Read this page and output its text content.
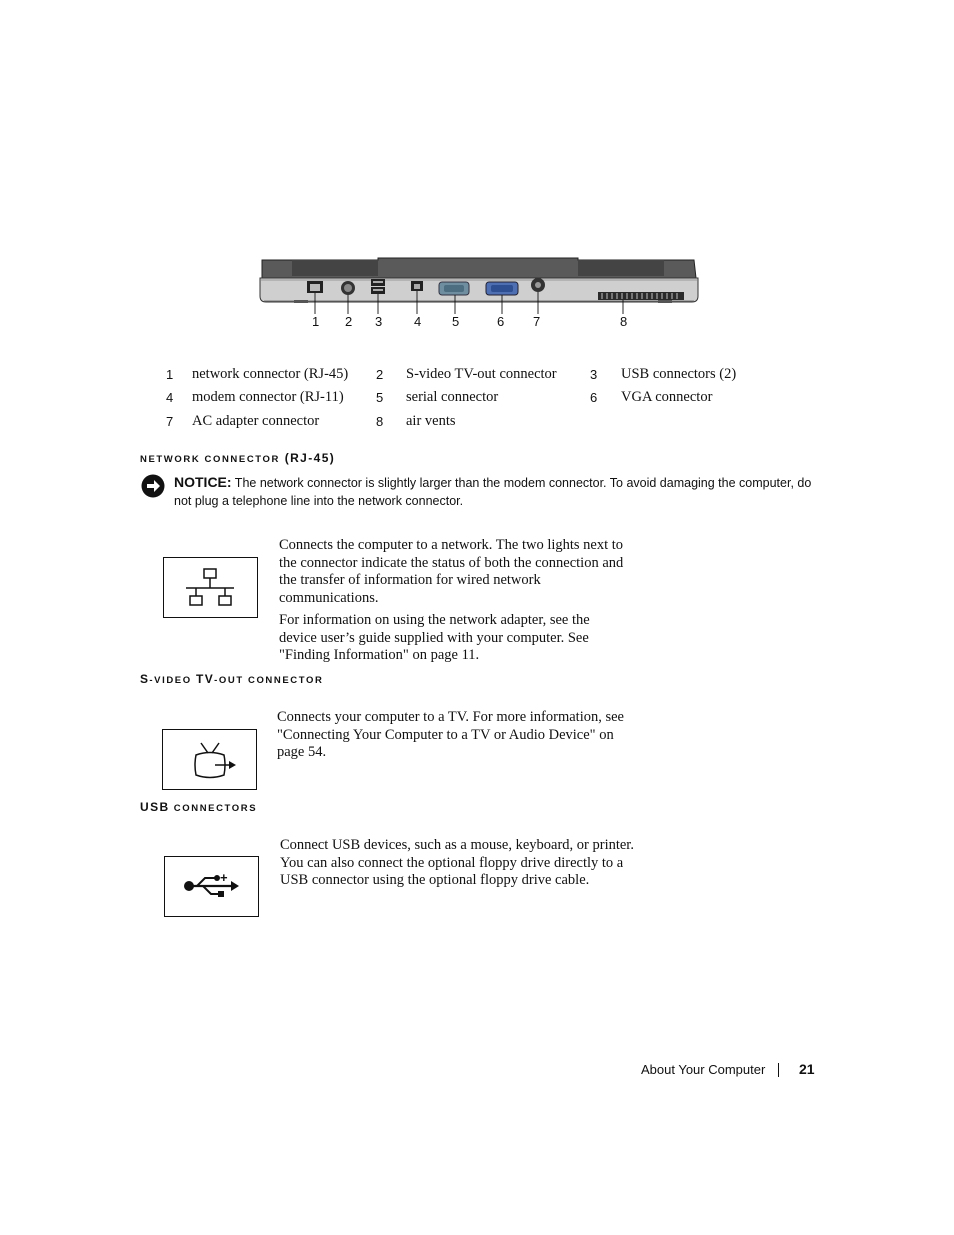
1 2 3 4 5	6 7	8
1 network connector (RJ-45) 2 S-video TV-out connector	3 USB connectors (2)
4 modem connector (RJ-11) 5 serial connector	6 VGA connector
7 AC adapter connector	8 air vents
NETWORK CONNECTOR (RJ-45)
NOTICE: The network connector is slightly larger than the modem connector. To avoid damaging the computer, do not plug a telephone line into the network connector.
Connects the computer to a network. The two lights next to the connector indicate the status of both the connection and the transfer of information for wired network communications.
For information on using the network adapter, see the device user’s guide supplied with your computer. See "Finding Information" on page 11.
S-VIDEO TV-OUT CONNECTOR
Connects your computer to a TV. For more information, see "Connecting Your Computer to a TV or Audio Device" on page 54.
USB CONNECTORS
+
Connect USB devices, such as a mouse, keyboard, or printer. You can also connect the optional floppy drive directly to a USB connector using the optional floppy drive cable.
About Your Computer 21
